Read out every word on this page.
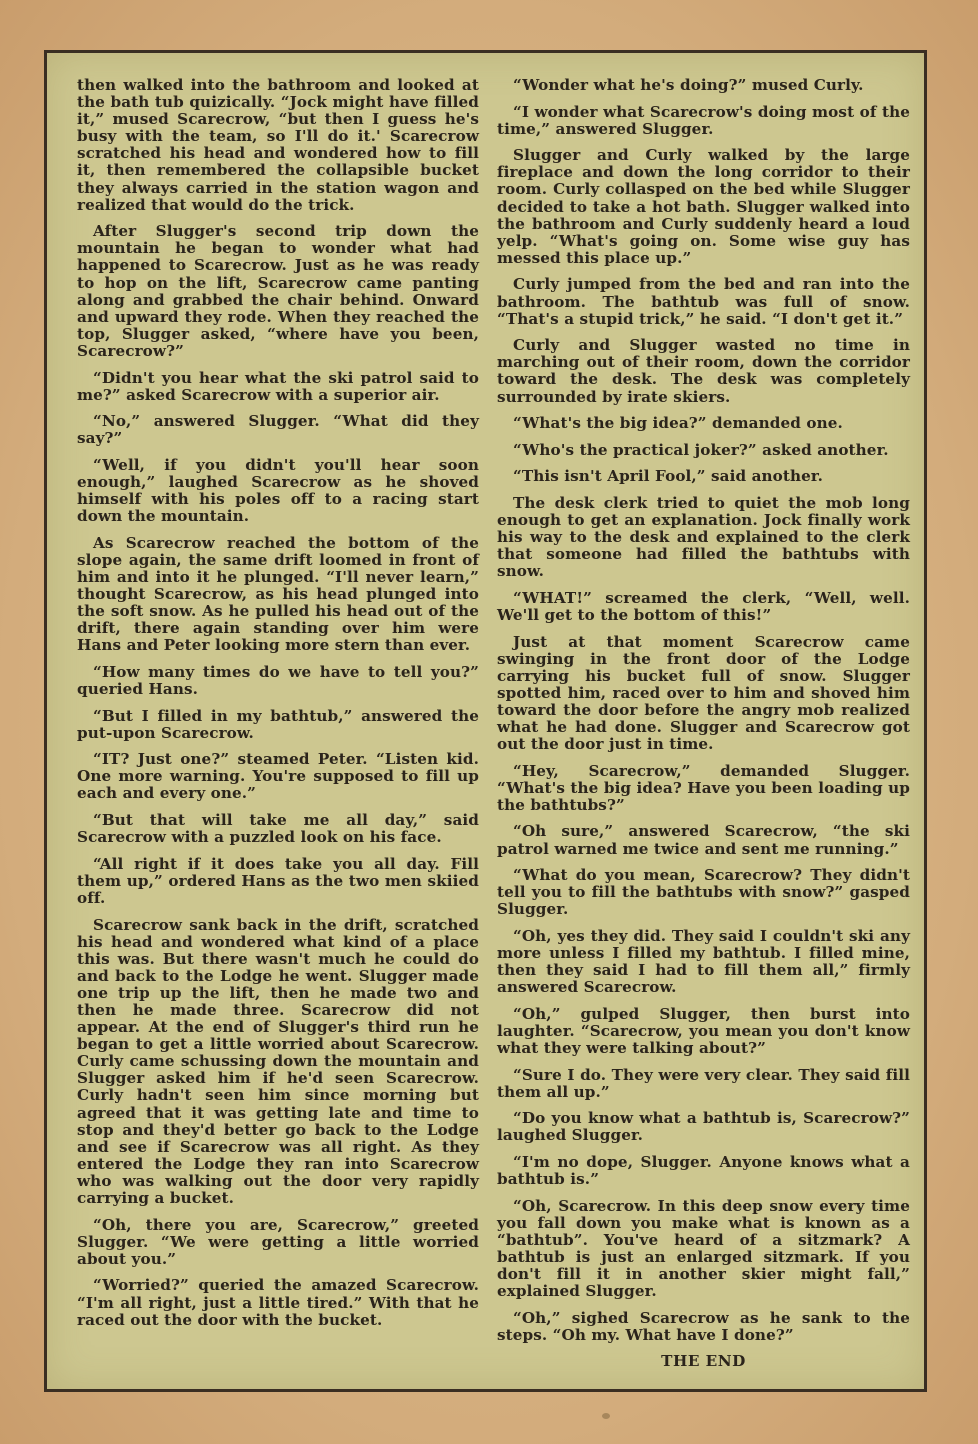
then walked into the bathroom and looked at the bath tub quizically. “Jock might have filled it,” mused Scarecrow, “but then I guess he's busy with the team, so I'll do it.' Scarecrow scratched his head and wondered how to fill it, then remembered the collapsible bucket they always carried in the station wagon and realized that would do the trick.

After Slugger's second trip down the mountain he began to wonder what had happened to Scarecrow. Just as he was ready to hop on the lift, Scarecrow came panting along and grabbed the chair behind. Onward and upward they rode. When they reached the top, Slugger asked, “where have you been, Scarecrow?”

“Didn't you hear what the ski patrol said to me?” asked Scarecrow with a superior air.

“No,” answered Slugger. “What did they say?”

“Well, if you didn't you'll hear soon enough,” laughed Scarecrow as he shoved himself with his poles off to a racing start down the mountain.

As Scarecrow reached the bottom of the slope again, the same drift loomed in front of him and into it he plunged. “I'll never learn,” thought Scarecrow, as his head plunged into the soft snow. As he pulled his head out of the drift, there again standing over him were Hans and Peter looking more stern than ever.

“How many times do we have to tell you?” queried Hans.

“But I filled in my bathtub,” answered the put-upon Scarecrow.

“IT? Just one?” steamed Peter. “Listen kid. One more warning. You're supposed to fill up each and every one.”

“But that will take me all day,” said Scarecrow with a puzzled look on his face.

“All right if it does take you all day. Fill them up,” ordered Hans as the two men skiied off.

Scarecrow sank back in the drift, scratched his head and wondered what kind of a place this was. But there wasn't much he could do and back to the Lodge he went. Slugger made one trip up the lift, then he made two and then he made three. Scarecrow did not appear. At the end of Slugger's third run he began to get a little worried about Scarecrow. Curly came schussing down the mountain and Slugger asked him if he'd seen Scarecrow. Curly hadn't seen him since morning but agreed that it was getting late and time to stop and they'd better go back to the Lodge and see if Scarecrow was all right. As they entered the Lodge they ran into Scarecrow who was walking out the door very rapidly carrying a bucket.

“Oh, there you are, Scarecrow,” greeted Slugger. “We were getting a little worried about you.”

“Worried?” queried the amazed Scarecrow. “I'm all right, just a little tired.” With that he raced out the door with the bucket.

“Wonder what he's doing?” mused Curly.

“I wonder what Scarecrow's doing most of the time,” answered Slugger.

Slugger and Curly walked by the large fireplace and down the long corridor to their room. Curly collasped on the bed while Slugger decided to take a hot bath. Slugger walked into the bathroom and Curly suddenly heard a loud yelp. “What's going on. Some wise guy has messed this place up.”

Curly jumped from the bed and ran into the bathroom. The bathtub was full of snow. “That's a stupid trick,” he said. “I don't get it.”

Curly and Slugger wasted no time in marching out of their room, down the corridor toward the desk. The desk was completely surrounded by irate skiers.

“What's the big idea?” demanded one.

“Who's the practical joker?” asked another.

“This isn't April Fool,” said another.

The desk clerk tried to quiet the mob long enough to get an explanation. Jock finally work his way to the desk and explained to the clerk that someone had filled the bathtubs with snow.

“WHAT!” screamed the clerk, “Well, well. We'll get to the bottom of this!”

Just at that moment Scarecrow came swinging in the front door of the Lodge carrying his bucket full of snow. Slugger spotted him, raced over to him and shoved him toward the door before the angry mob realized what he had done. Slugger and Scarecrow got out the door just in time.

“Hey, Scarecrow,” demanded Slugger. “What's the big idea? Have you been loading up the bathtubs?”

“Oh sure,” answered Scarecrow, “the ski patrol warned me twice and sent me running.”

“What do you mean, Scarecrow? They didn't tell you to fill the bathtubs with snow?” gasped Slugger.

“Oh, yes they did. They said I couldn't ski any more unless I filled my bathtub. I filled mine, then they said I had to fill them all,” firmly answered Scarecrow.

“Oh,” gulped Slugger, then burst into laughter. “Scarecrow, you mean you don't know what they were talking about?”

“Sure I do. They were very clear. They said fill them all up.”

“Do you know what a bathtub is, Scarecrow?” laughed Slugger.

“I'm no dope, Slugger. Anyone knows what a bathtub is.”

“Oh, Scarecrow. In this deep snow every time you fall down you make what is known as a “bathtub”. You've heard of a sitzmark? A bathtub is just an enlarged sitzmark. If you don't fill it in another skier might fall,” explained Slugger.

“Oh,” sighed Scarecrow as he sank to the steps. “Oh my. What have I done?”

THE END
